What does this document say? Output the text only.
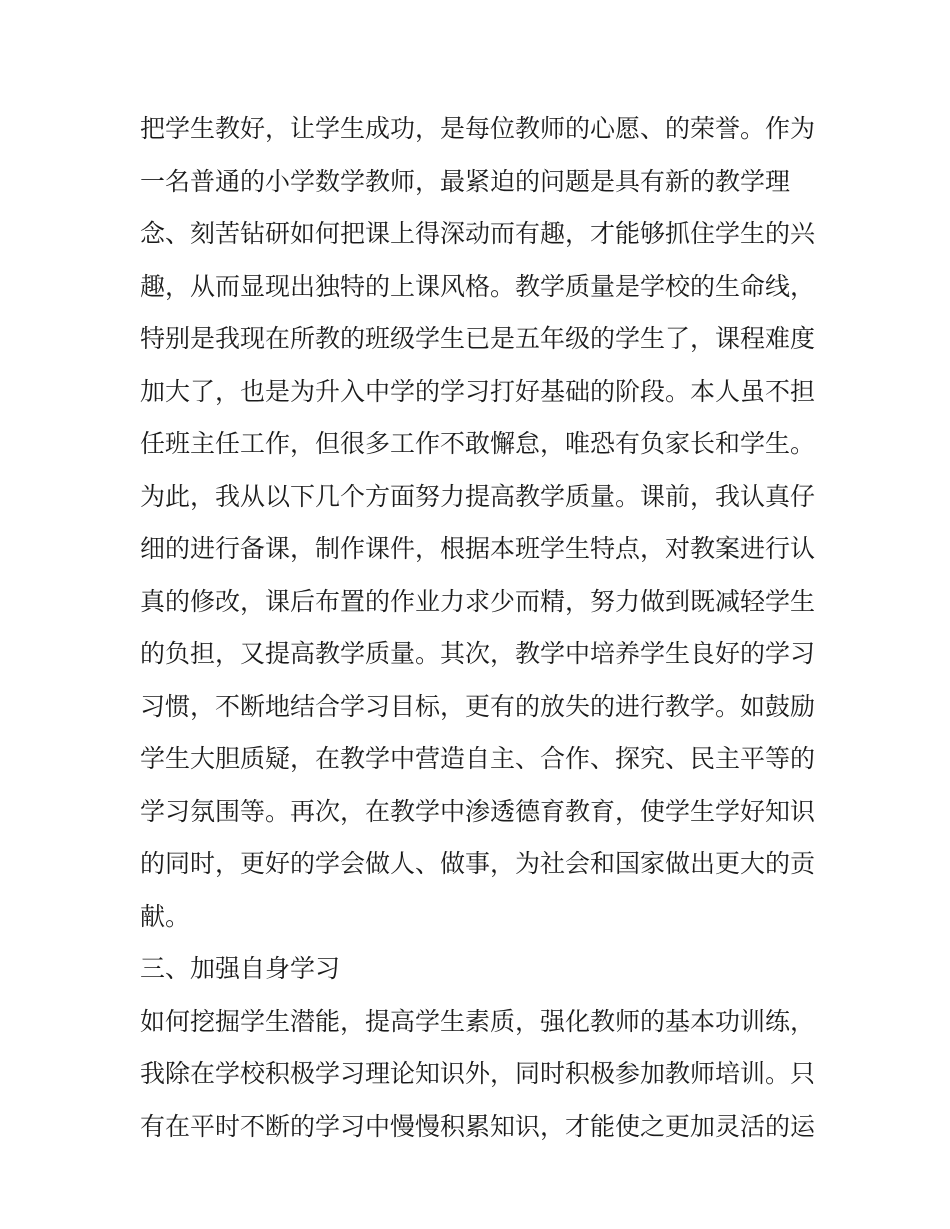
把学生教好，让学生成功，是每位教师的心愿、的荣誉。作为
一名普通的小学数学教师，最紧迫的问题是具有新的教学理
念、刻苦钻研如何把课上得深动而有趣，才能够抓住学生的兴
趣，从而显现出独特的上课风格。教学质量是学校的生命线，
特别是我现在所教的班级学生已是五年级的学生了，课程难度
加大了，也是为升入中学的学习打好基础的阶段。本人虽不担
任班主任工作，但很多工作不敢懈怠，唯恐有负家长和学生。
为此，我从以下几个方面努力提高教学质量。课前，我认真仔
细的进行备课，制作课件，根据本班学生特点，对教案进行认
真的修改，课后布置的作业力求少而精，努力做到既减轻学生
的负担，又提高教学质量。其次，教学中培养学生良好的学习
习惯，不断地结合学习目标，更有的放失的进行教学。如鼓励
学生大胆质疑，在教学中营造自主、合作、探究、民主平等的
学习氛围等。再次，在教学中渗透德育教育，使学生学好知识
的同时，更好的学会做人、做事，为社会和国家做出更大的贡
献。
三、加强自身学习
如何挖掘学生潜能，提高学生素质，强化教师的基本功训练，
我除在学校积极学习理论知识外，同时积极参加教师培训。只
有在平时不断的学习中慢慢积累知识，才能使之更加灵活的运
